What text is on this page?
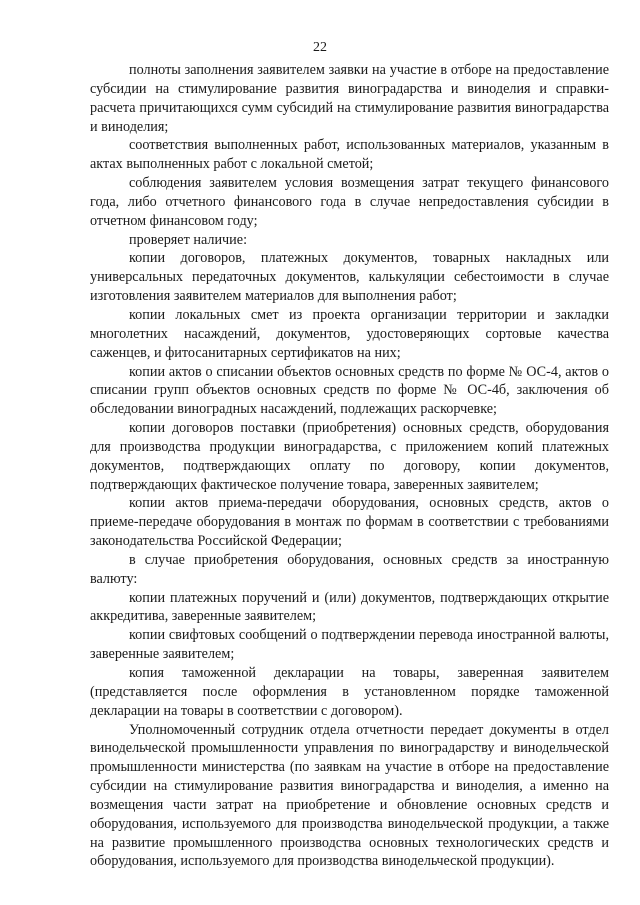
22

полноты заполнения заявителем заявки на участие в отборе на предоставление субсидии на стимулирование развития виноградарства и виноделия и справки-расчета причитающихся сумм субсидий на стимулирование развития виноградарства и виноделия;

соответствия выполненных работ, использованных материалов, указанным в актах выполненных работ с локальной сметой;

соблюдения заявителем условия возмещения затрат текущего финансового года, либо отчетного финансового года в случае непредоставления субсидии в отчетном финансовом году;

проверяет наличие:

копии договоров, платежных документов, товарных накладных или универсальных передаточных документов, калькуляции себестоимости в случае изготовления заявителем материалов для выполнения работ;

копии локальных смет из проекта организации территории и закладки многолетних насаждений, документов, удостоверяющих сортовые качества саженцев, и фитосанитарных сертификатов на них;

копии актов о списании объектов основных средств по форме № ОС-4, актов о списании групп объектов основных средств по форме № ОС-4б, заключения об обследовании виноградных насаждений, подлежащих раскорчевке;

копии договоров поставки (приобретения) основных средств, оборудования для производства продукции виноградарства, с приложением копий платежных документов, подтверждающих оплату по договору, копии документов, подтверждающих фактическое получение товара, заверенных заявителем;

копии актов приема-передачи оборудования, основных средств, актов о приеме-передаче оборудования в монтаж по формам в соответствии с требованиями законодательства Российской Федерации;

в случае приобретения оборудования, основных средств за иностранную валюту:

копии платежных поручений и (или) документов, подтверждающих открытие аккредитива, заверенные заявителем;

копии свифтовых сообщений о подтверждении перевода иностранной валюты, заверенные заявителем;

копия таможенной декларации на товары, заверенная заявителем (представляется после оформления в установленном порядке таможенной декларации на товары в соответствии с договором).

Уполномоченный сотрудник отдела отчетности передает документы в отдел винодельческой промышленности управления по виноградарству и винодельческой промышленности министерства (по заявкам на участие в отборе на предоставление субсидии на стимулирование развития виноградарства и виноделия, а именно на возмещения части затрат на приобретение и обновление основных средств и оборудования, используемого для производства винодельческой продукции, а также на развитие промышленного производства основных технологических средств и оборудования, используемого для производства винодельческой продукции).
